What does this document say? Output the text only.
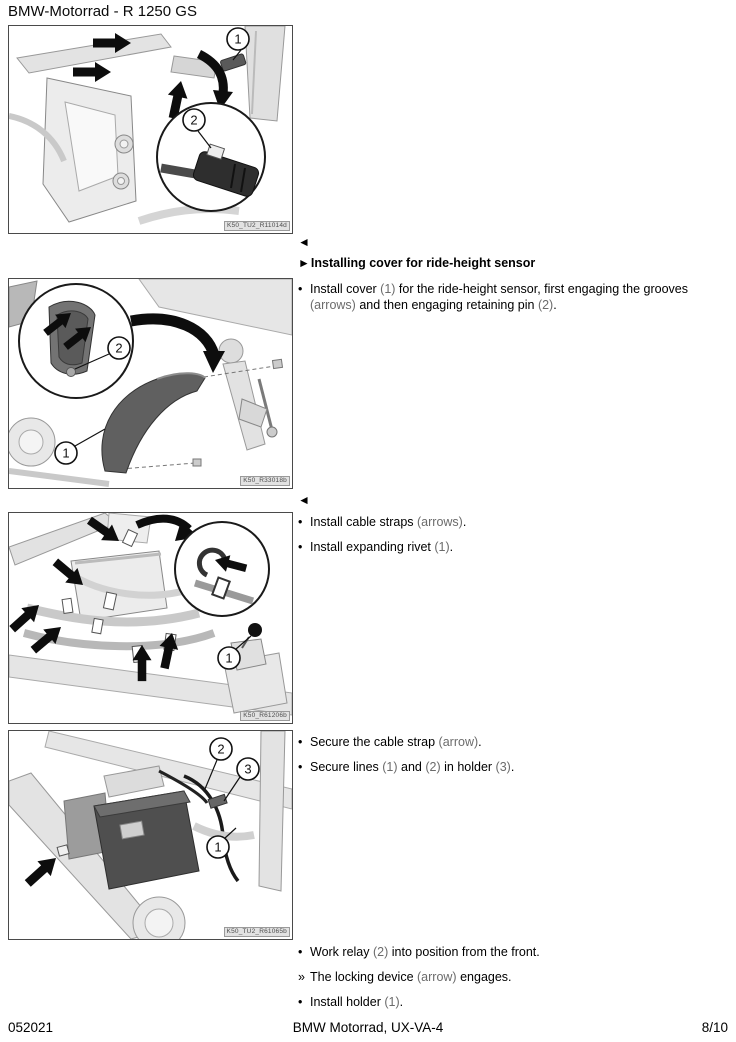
BMW-Motorrad - R 1250 GS
2
1
K50_TU2_R11014d
2
1
K50_R33018b
1
K50_R61206b
2
3
1
K50_TU2_R61065b
◄
►Installing cover for ride-height sensor
• Install cover (1) for the ride-height sensor, first engaging the grooves (arrows) and then engaging retaining pin (2).
◄
• Install cable straps (arrows).
• Install expanding rivet (1).
• Secure the cable strap (arrow).
• Secure lines (1) and (2) in holder (3).
• Work relay (2) into position from the front.
» The locking device (arrow) engages.
• Install holder (1).
052021	BMW Motorrad, UX-VA-4	8/10
